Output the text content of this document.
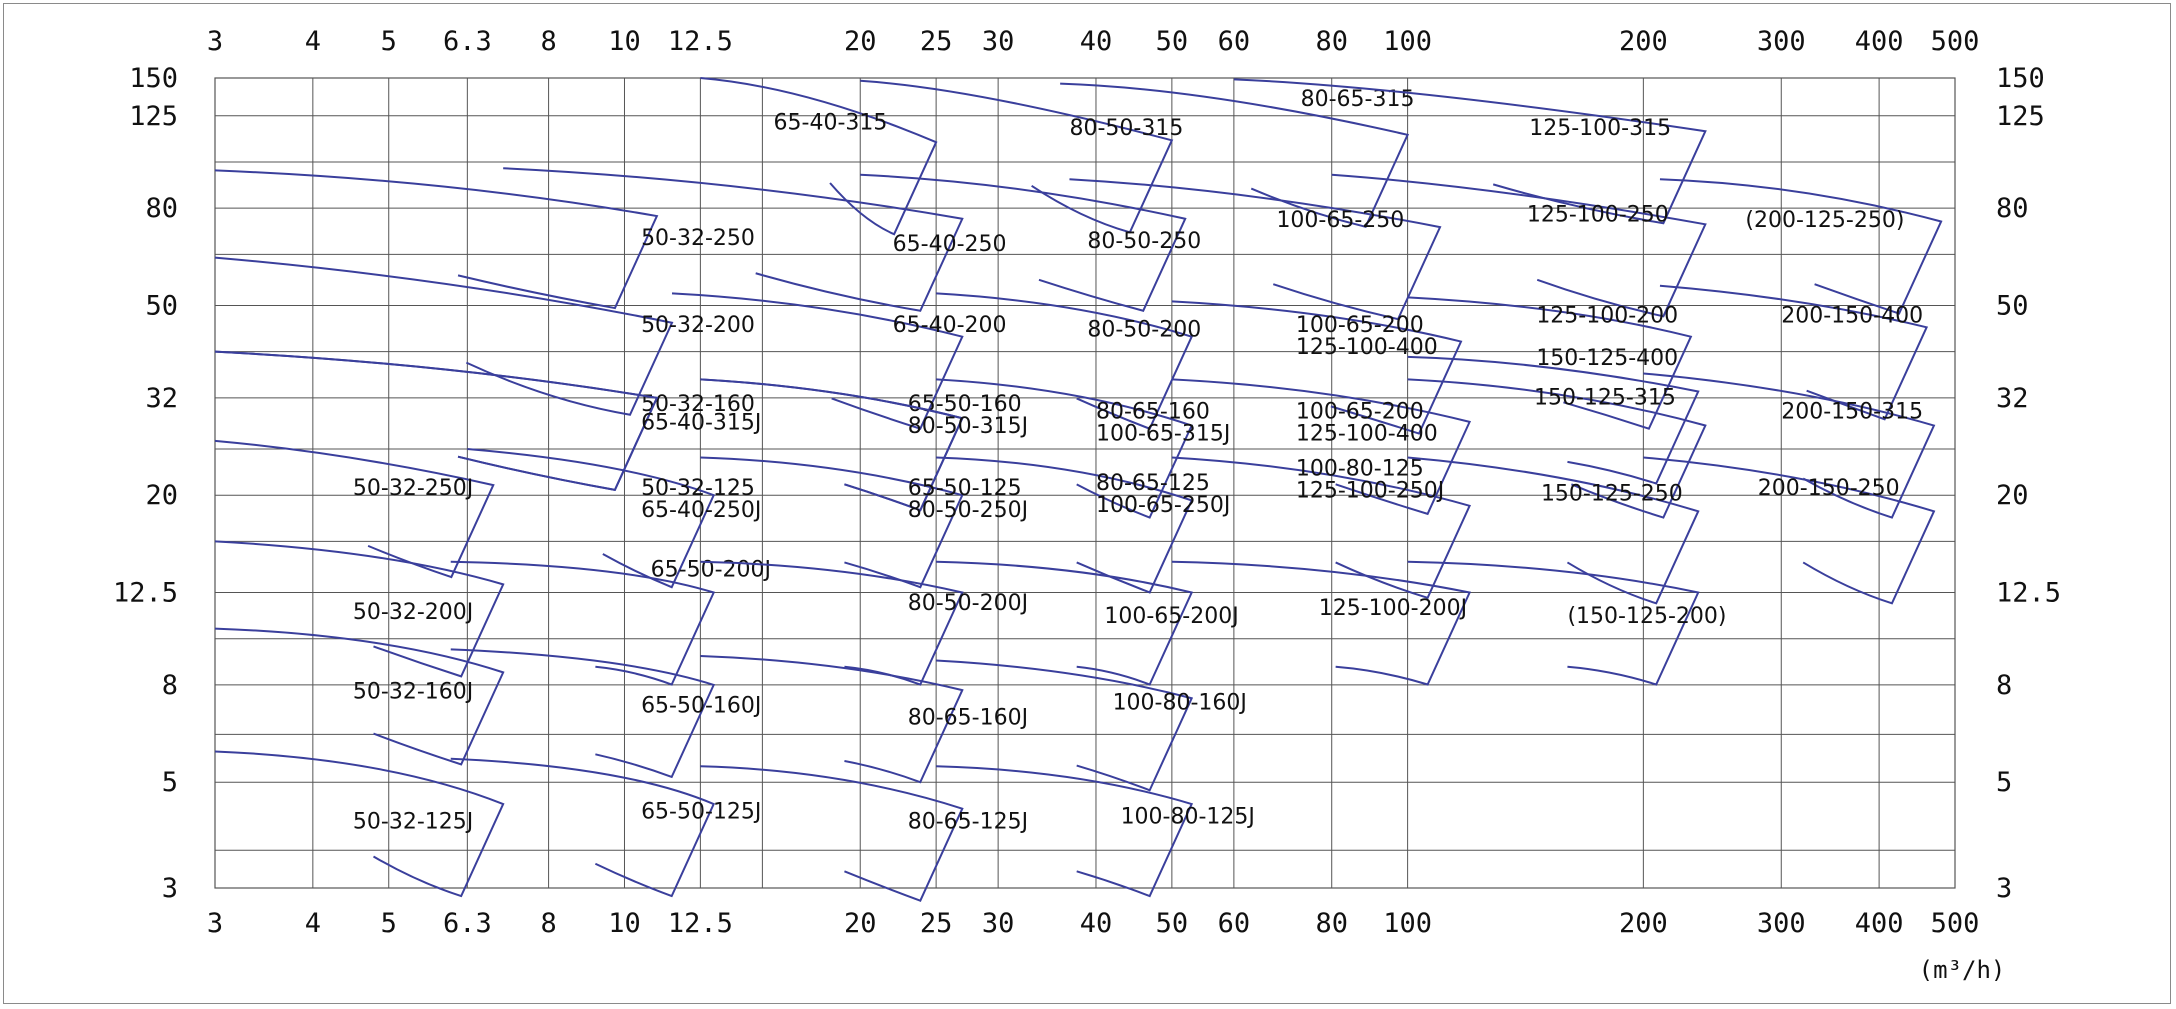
3
3
4
4
5
5
6.3
6.3
8
8
10
10
12.5
12.5
20
20
25
25
30
30
40
40
50
50
60
60
80
80
100
100
200
200
300
300
400
400
500
500
3	3
5	5
8	8
12.5	12.5
20	20
32	32
50	50
80	80
125	125
150	150
(m³/h)
65-40-315	80-50-315
80-65-315
125-100-315
50-32-250	65-40-250	80-50-250
100-65-250	125-100-250	(200-125-250)
50-32-200	65-40-200	80-50-200	100-65-200
125-100-400
125-100-200	200-150-400
150-125-400
50-32-160
65-40-315J
65-50-160
80-50-315J
80-65-160
100-65-315J
100-65-200
125-100-400
150-125-315
200-150-315
50-32-250J	50-32-125
65-40-250J
65-50-125
80-50-250J
80-65-125
100-65-250J
100-80-125
125-100-250J	150-125-250	200-150-250
50-32-200J
65-50-200J
80-50-200J
100-65-200J	125-100-200J	(150-125-200)
50-32-160J
65-50-160J	80-65-160J
100-80-160J
50-32-125J	65-50-125J	80-65-125J	100-80-125J
